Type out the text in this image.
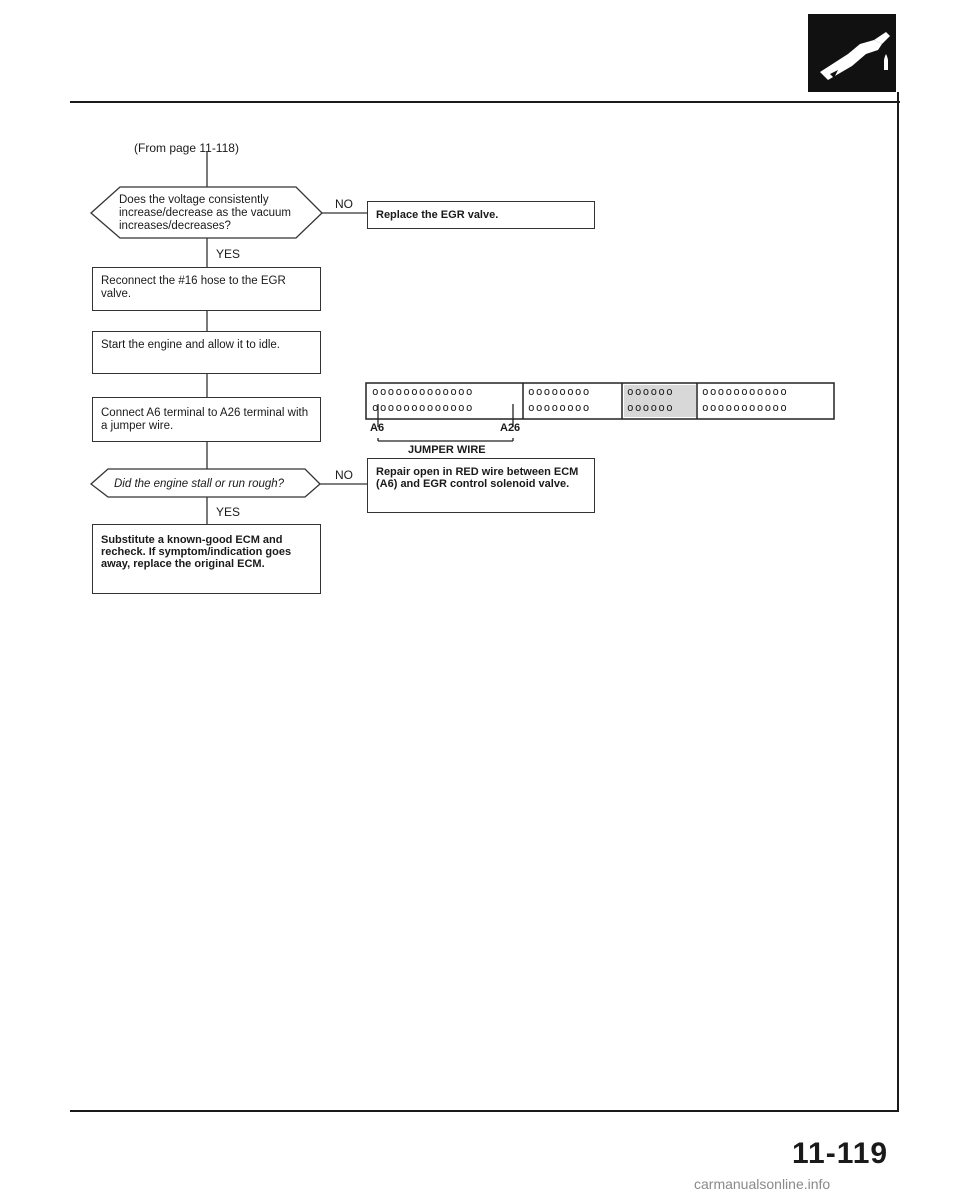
(From page 11-118)
Does the voltage consistently increase/decrease as the vacuum increases/decreases?
NO
Replace the EGR valve.
YES
Reconnect the #16 hose to the EGR valve.
Start the engine and allow it to idle.
Connect A6 terminal to A26 terminal with a jumper wire.
Did the engine stall or run rough?
NO	Repair open in RED wire between ECM (A6) and EGR control solenoid valve.
YES
Substitute a known-good ECM and recheck. If symptom/indication goes away, replace the original ECM.
ooooooooooooo
ooooooooooooo
oooooooo
oooooooo
oooooo
oooooo
ooooooooooo
ooooooooooo
A6	A26
JUMPER WIRE
11-119
carmanualsonline.info
